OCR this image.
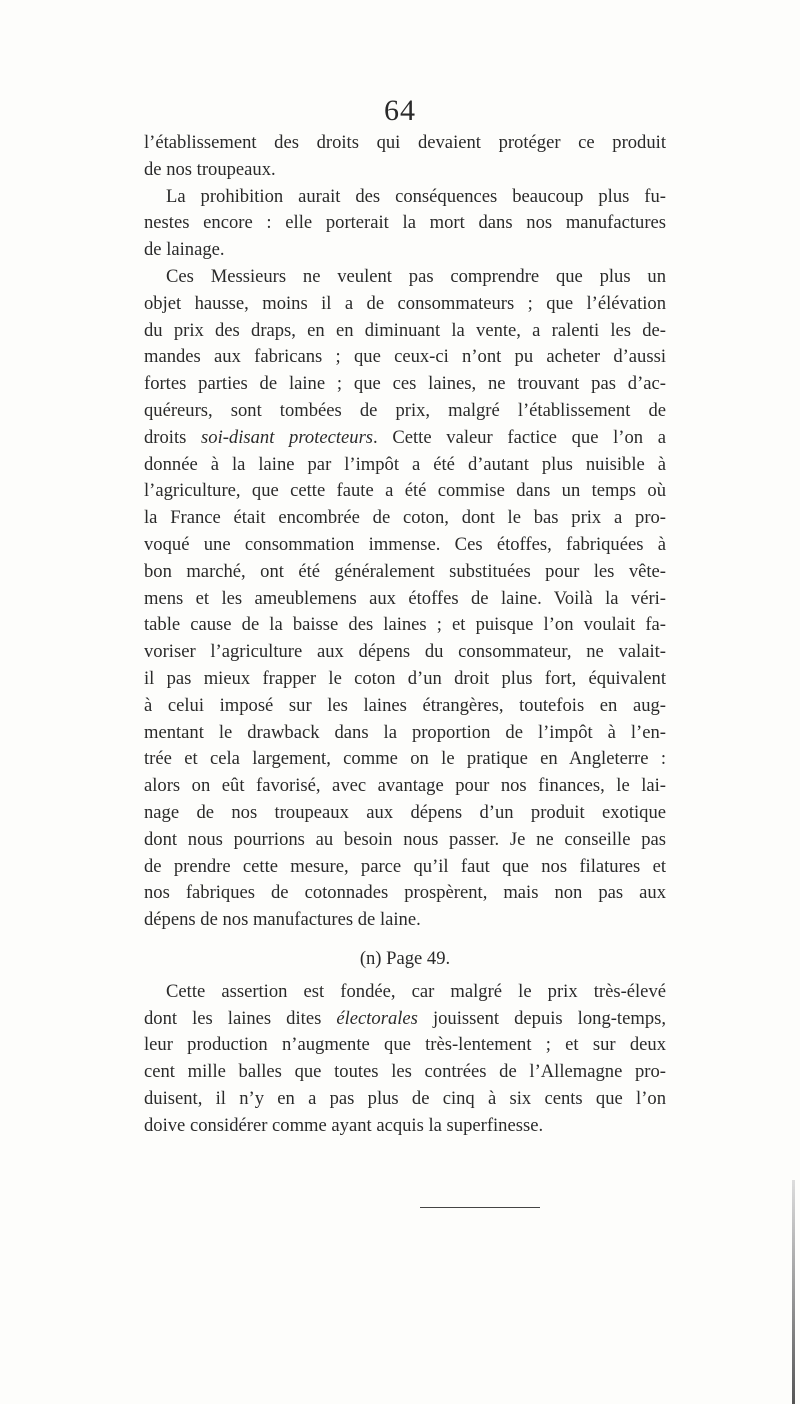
64
l’établissement des droits qui devaient protéger ce produit
de nos troupeaux.
La prohibition aurait des conséquences beaucoup plus fu-
nestes encore : elle porterait la mort dans nos manufactures
de lainage.
Ces Messieurs ne veulent pas comprendre que plus un
objet hausse, moins il a de consommateurs ; que l’élévation
du prix des draps, en en diminuant la vente, a ralenti les de-
mandes aux fabricans ; que ceux-ci n’ont pu acheter d’aussi
fortes parties de laine ; que ces laines, ne trouvant pas d’ac-
quéreurs, sont tombées de prix, malgré l’établissement de
droits soi-disant protecteurs. Cette valeur factice que l’on a
donnée à la laine par l’impôt a été d’autant plus nuisible à
l’agriculture, que cette faute a été commise dans un temps où
la France était encombrée de coton, dont le bas prix a pro-
voqué une consommation immense. Ces étoffes, fabriquées à
bon marché, ont été généralement substituées pour les vête-
mens et les ameublemens aux étoffes de laine. Voilà la véri-
table cause de la baisse des laines ; et puisque l’on voulait fa-
voriser l’agriculture aux dépens du consommateur, ne valait-
il pas mieux frapper le coton d’un droit plus fort, équivalent
à celui imposé sur les laines étrangères, toutefois en aug-
mentant le drawback dans la proportion de l’impôt à l’en-
trée et cela largement, comme on le pratique en Angleterre :
alors on eût favorisé, avec avantage pour nos finances, le lai-
nage de nos troupeaux aux dépens d’un produit exotique
dont nous pourrions au besoin nous passer. Je ne conseille pas
de prendre cette mesure, parce qu’il faut que nos filatures et
nos fabriques de cotonnades prospèrent, mais non pas aux
dépens de nos manufactures de laine.
(n) Page 49.
Cette assertion est fondée, car malgré le prix très-élevé
dont les laines dites électorales jouissent depuis long-temps,
leur production n’augmente que très-lentement ; et sur deux
cent mille balles que toutes les contrées de l’Allemagne pro-
duisent, il n’y en a pas plus de cinq à six cents que l’on
doive considérer comme ayant acquis la superfinesse.
